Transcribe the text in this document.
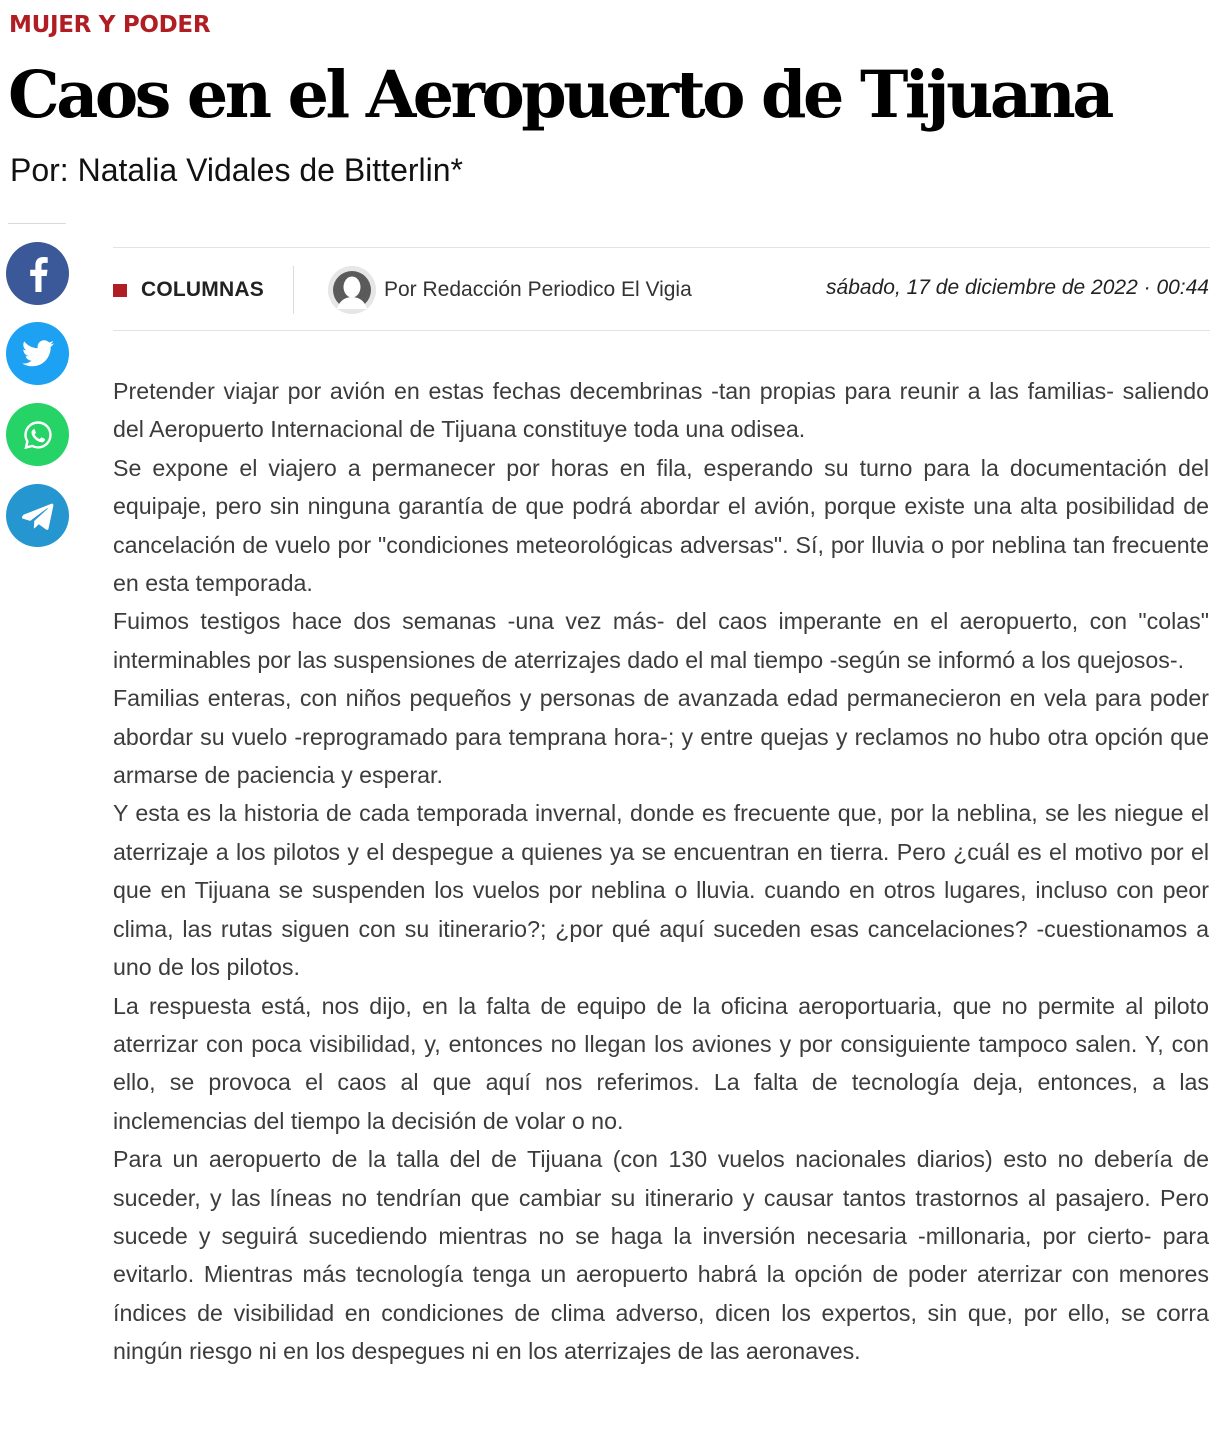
MUJER Y PODER
Caos en el Aeropuerto de Tijuana
Por: Natalia Vidales de Bitterlin*
COLUMNAS	Por Redacción Periodico El Vigia	sábado, 17 de diciembre de 2022 · 00:44

Pretender viajar por avión en estas fechas decembrinas -tan propias para reunir a las familias- saliendo del Aeropuerto Internacional de Tijuana constituye toda una odisea.

Se expone el viajero a permanecer por horas en fila, esperando su turno para la documentación del equipaje, pero sin ninguna garantía de que podrá abordar el avión, porque existe una alta posibilidad de cancelación de vuelo por "condiciones meteorológicas adversas". Sí, por lluvia o por neblina tan frecuente en esta temporada.

Fuimos testigos hace dos semanas -una vez más- del caos imperante en el aeropuerto, con "colas" interminables por las suspensiones de aterrizajes dado el mal tiempo -según se informó a los quejosos-.

Familias enteras, con niños pequeños y personas de avanzada edad permanecieron en vela para poder abordar su vuelo -reprogramado para temprana hora-; y entre quejas y reclamos no hubo otra opción que armarse de paciencia y esperar.

Y esta es la historia de cada temporada invernal, donde es frecuente que, por la neblina, se les niegue el aterrizaje a los pilotos y el despegue a quienes ya se encuentran en tierra. Pero ¿cuál es el motivo por el que en Tijuana se suspenden los vuelos por neblina o lluvia. cuando en otros lugares, incluso con peor clima, las rutas siguen con su itinerario?; ¿por qué aquí suceden esas cancelaciones? -cuestionamos a uno de los pilotos.

La respuesta está, nos dijo, en la falta de equipo de la oficina aeroportuaria, que no permite al piloto aterrizar con poca visibilidad, y, entonces no llegan los aviones y por consiguiente tampoco salen. Y, con ello, se provoca el caos al que aquí nos referimos. La falta de tecnología deja, entonces, a las inclemencias del tiempo la decisión de volar o no.

Para un aeropuerto de la talla del de Tijuana (con 130 vuelos nacionales diarios) esto no debería de suceder, y las líneas no tendrían que cambiar su itinerario y causar tantos trastornos al pasajero. Pero sucede y seguirá sucediendo mientras no se haga la inversión necesaria -millonaria, por cierto- para evitarlo. Mientras más tecnología tenga un aeropuerto habrá la opción de poder aterrizar con menores índices de visibilidad en condiciones de clima adverso, dicen los expertos, sin que, por ello, se corra ningún riesgo ni en los despegues ni en los aterrizajes de las aeronaves.
